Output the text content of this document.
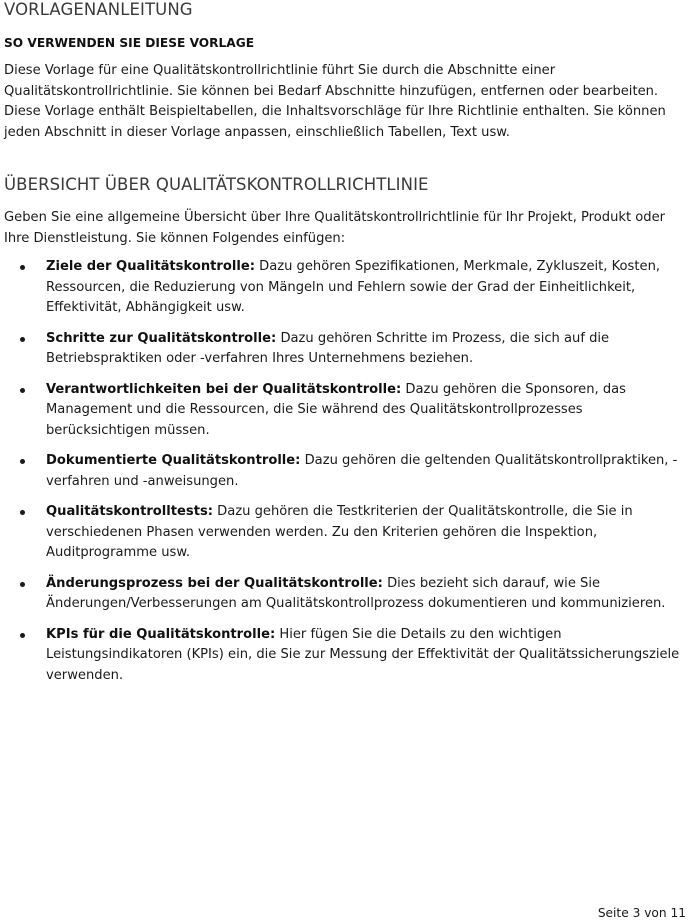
VORLAGENANLEITUNG
SO VERWENDEN SIE DIESE VORLAGE

Diese Vorlage für eine Qualitätskontrollrichtlinie führt Sie durch die Abschnitte einer Qualitätskontrollrichtlinie. Sie können bei Bedarf Abschnitte hinzufügen, entfernen oder bearbeiten. Diese Vorlage enthält Beispieltabellen, die Inhaltsvorschläge für Ihre Richtlinie enthalten. Sie können jeden Abschnitt in dieser Vorlage anpassen, einschließlich Tabellen, Text usw.

ÜBERSICHT ÜBER QUALITÄTSKONTROLLRICHTLINIE

Geben Sie eine allgemeine Übersicht über Ihre Qualitätskontrollrichtlinie für Ihr Projekt, Produkt oder Ihre Dienstleistung. Sie können Folgendes einfügen:

Ziele der Qualitätskontrolle: Dazu gehören Spezifikationen, Merkmale, Zykluszeit, Kosten, Ressourcen, die Reduzierung von Mängeln und Fehlern sowie der Grad der Einheitlichkeit, Effektivität, Abhängigkeit usw.
Schritte zur Qualitätskontrolle: Dazu gehören Schritte im Prozess, die sich auf die Betriebspraktiken oder -verfahren Ihres Unternehmens beziehen.
Verantwortlichkeiten bei der Qualitätskontrolle: Dazu gehören die Sponsoren, das Management und die Ressourcen, die Sie während des Qualitätskontrollprozesses berücksichtigen müssen.
Dokumentierte Qualitätskontrolle: Dazu gehören die geltenden Qualitätskontrollpraktiken, -verfahren und -anweisungen.
Qualitätskontrolltests: Dazu gehören die Testkriterien der Qualitätskontrolle, die Sie in verschiedenen Phasen verwenden werden. Zu den Kriterien gehören die Inspektion, Auditprogramme usw.
Änderungsprozess bei der Qualitätskontrolle: Dies bezieht sich darauf, wie Sie Änderungen/Verbesserungen am Qualitätskontrollprozess dokumentieren und kommunizieren.
KPIs für die Qualitätskontrolle: Hier fügen Sie die Details zu den wichtigen Leistungsindikatoren (KPIs) ein, die Sie zur Messung der Effektivität der Qualitätssicherungsziele verwenden.
Seite 3 von 11
